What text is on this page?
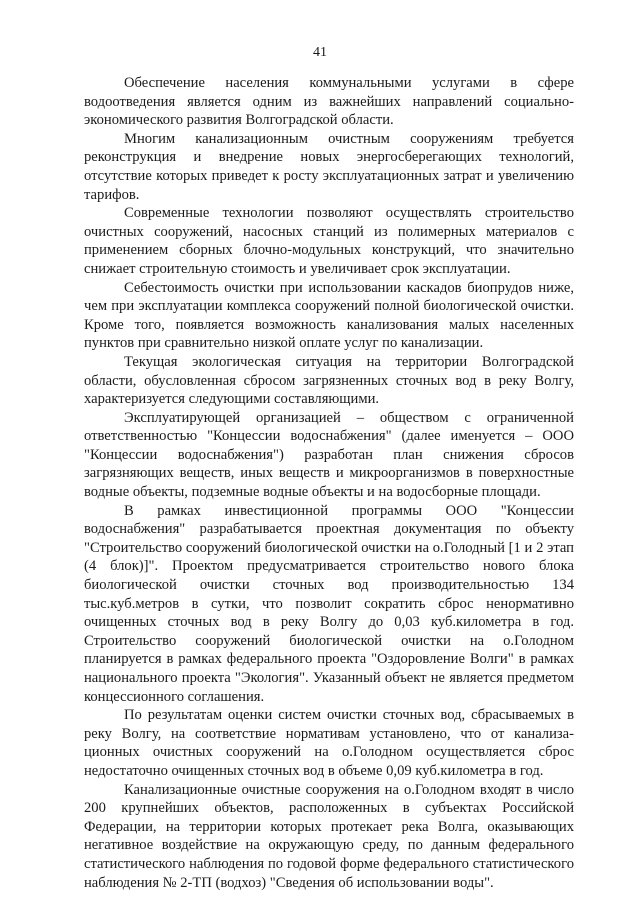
41

Обеспечение населения коммунальными услугами в сфере водоотведения является одним из важнейших направлений социально-экономического развития Волгоградской области.

Многим канализационным очистным сооружениям требуется реконструкция и внедрение новых энергосберегающих технологий, отсутствие которых приведет к росту эксплуатационных затрат и увеличению тарифов.

Современные технологии позволяют осуществлять строительство очистных сооружений, насосных станций из полимерных материалов с применением сборных блочно-модульных конструкций, что значительно снижает строительную стоимость и увеличивает срок эксплуатации.

Себестоимость очистки при использовании каскадов биопрудов ниже, чем при эксплуатации комплекса сооружений полной биологической очистки. Кроме того, появляется возможность канализования малых населенных пунктов при сравнительно низкой оплате услуг по канализации.

Текущая экологическая ситуация на территории Волгоградской области, обусловленная сбросом загрязненных сточных вод в реку Волгу, характеризуется следующими составляющими.

Эксплуатирующей организацией – обществом с ограниченной ответственностью "Концессии водоснабжения" (далее именуется – ООО "Концессии водоснабжения") разработан план снижения сбросов загрязняющих веществ, иных веществ и микроорганизмов в поверхностные водные объекты, подземные водные объекты и на водосборные площади.

В рамках инвестиционной программы ООО "Концессии водоснабжения" разрабатывается проектная документация по объекту "Строительство сооружений биологической очистки на о.Голодный [1 и 2 этап (4 блок)]". Проектом предусматривается строительство нового блока биологической очистки сточных вод производительностью 134 тыс.куб.метров в сутки, что позволит сократить сброс ненормативно очищенных сточных вод в реку Волгу до 0,03 куб.километра в год. Строительство сооружений биологической очистки на о.Голодном планируется в рамках федерального проекта "Оздоровление Волги" в рамках национального проекта "Экология". Указанный объект не является предметом концессионного соглашения.

По результатам оценки систем очистки сточных вод, сбрасываемых в реку Волгу, на соответствие нормативам установлено, что от канализа-ционных очистных сооружений на о.Голодном осуществляется сброс недостаточно очищенных сточных вод в объеме 0,09 куб.километра в год.

Канализационные очистные сооружения на о.Голодном входят в число 200 крупнейших объектов, расположенных в субъектах Российской Федерации, на территории которых протекает река Волга, оказывающих негативное воздействие на окружающую среду, по данным федерального статистического наблюдения по годовой форме федерального статистического наблюдения № 2-ТП (водхоз) "Сведения об использовании воды".
